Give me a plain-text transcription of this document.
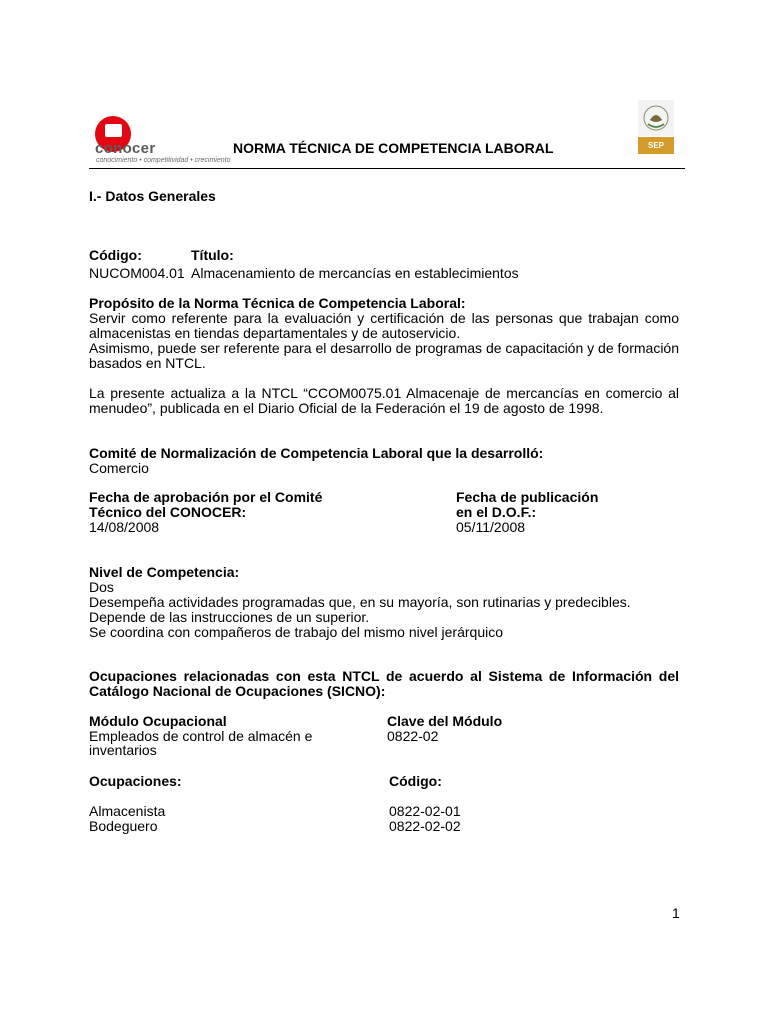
conocer
conocimiento • competitividad • crecimiento
NORMA TÉCNICA DE COMPETENCIA LABORAL	SEP
I.- Datos Generales
Código:	Título:
NUCOM004.01 Almacenamiento de mercancías en establecimientos
Propósito de la Norma Técnica de Competencia Laboral:
Servir como referente para la evaluación y certificación de las personas que trabajan como almacenistas en tiendas departamentales y de autoservicio.
Asimismo, puede ser referente para el desarrollo de programas de capacitación y de formación basados en NTCL.
La presente actualiza a la NTCL “CCOM0075.01 Almacenaje de mercancías en comercio al menudeo”, publicada en el Diario Oficial de la Federación el 19 de agosto de 1998.
Comité de Normalización de Competencia Laboral que la desarrolló:
Comercio
Fecha de aprobación por el Comité
Técnico del CONOCER:
14/08/2008
Fecha de publicación
en el D.O.F.:
05/11/2008
Nivel de Competencia:
Dos
Desempeña actividades programadas que, en su mayoría, son rutinarias y predecibles.
Depende de las instrucciones de un superior.
Se coordina con compañeros de trabajo del mismo nivel jerárquico
Ocupaciones relacionadas con esta NTCL de acuerdo al Sistema de Información del Catálogo Nacional de Ocupaciones (SICNO):
Módulo Ocupacional	Clave del Módulo
Empleados de control de almacén e
inventarios
0822-02
Ocupaciones:	Código:
Almacenista	0822-02-01
Bodeguero	0822-02-02
1
